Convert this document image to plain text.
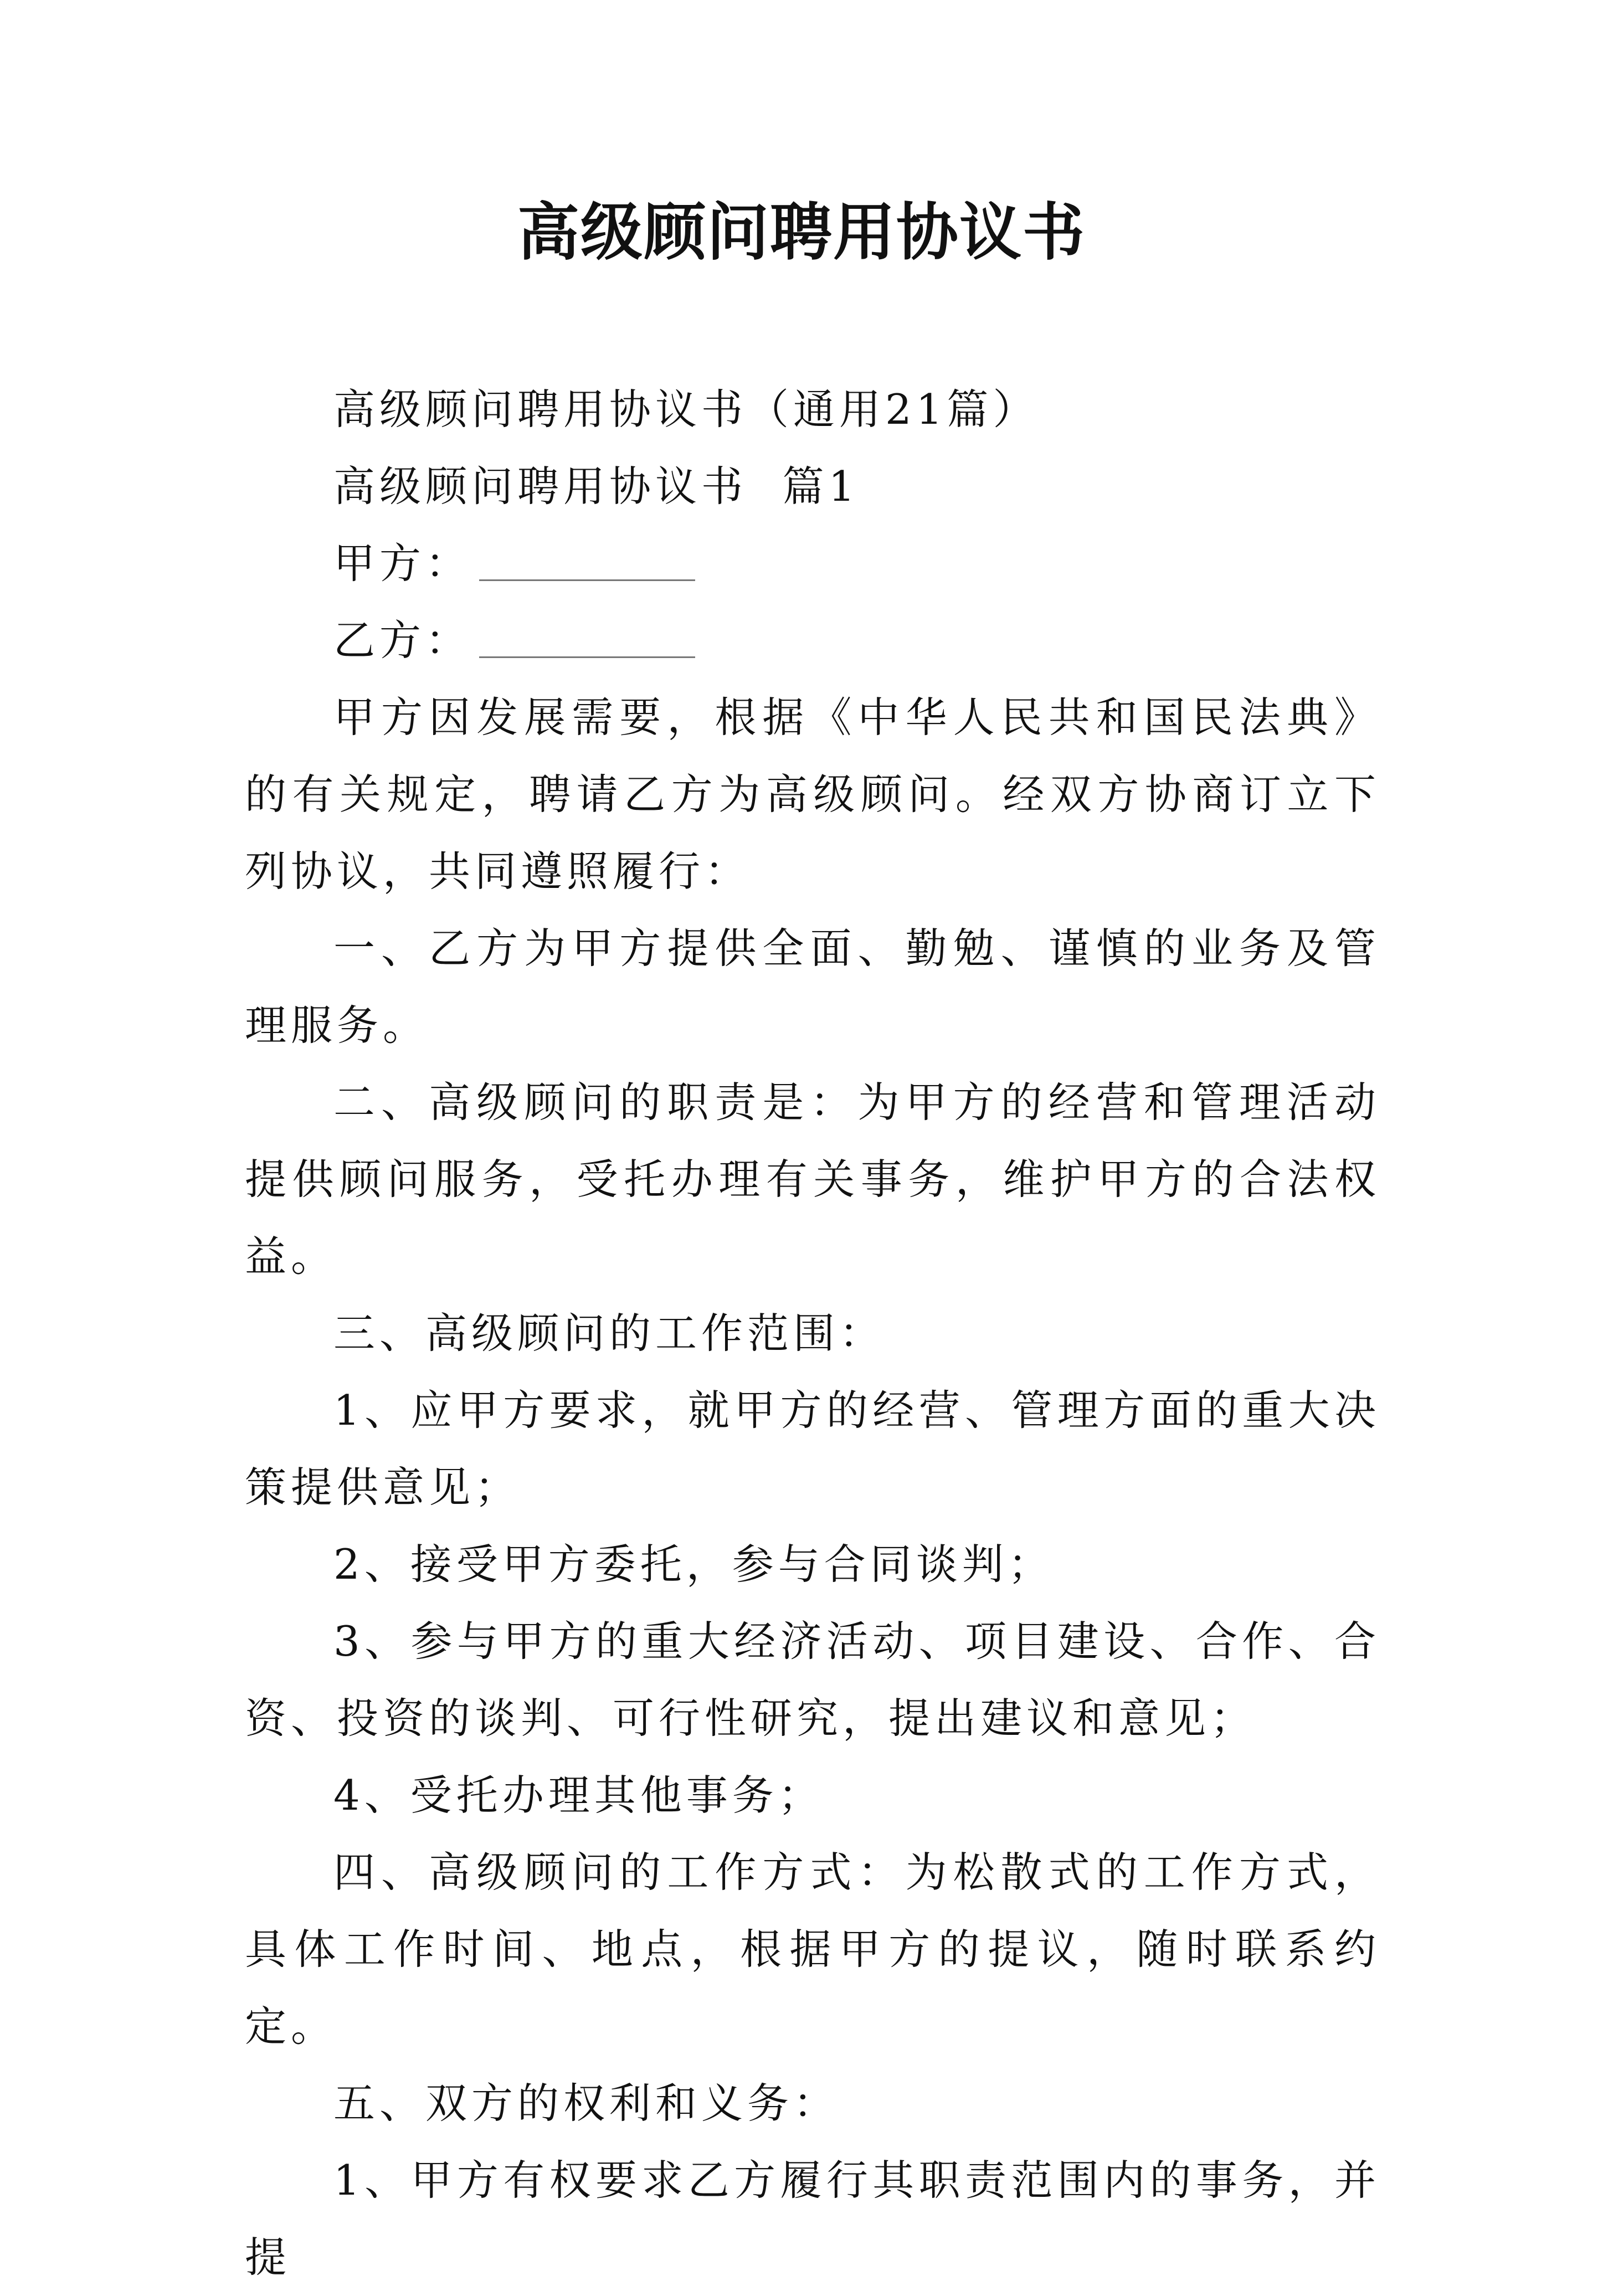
高级顾问聘用协议书

高级顾问聘用协议书（通用21篇）

高级顾问聘用协议书  篇1

甲方：

乙方：

甲方因发展需要，根据《中华人民共和国民法典》的有关规定，聘请乙方为高级顾问。经双方协商订立下列协议，共同遵照履行：

一、乙方为甲方提供全面、勤勉、谨慎的业务及管理服务。

二、高级顾问的职责是：为甲方的经营和管理活动提供顾问服务，受托办理有关事务，维护甲方的合法权益。

三、高级顾问的工作范围：

1、应甲方要求，就甲方的经营、管理方面的重大决策提供意见；

2、接受甲方委托，参与合同谈判；

3、参与甲方的重大经济活动、项目建设、合作、合资、投资的谈判、可行性研究，提出建议和意见；

4、受托办理其他事务；

四、高级顾问的工作方式：为松散式的工作方式，具体工作时间、地点，根据甲方的提议，随时联系约定。

五、双方的权利和义务：

1、甲方有权要求乙方履行其职责范围内的事务，并提
